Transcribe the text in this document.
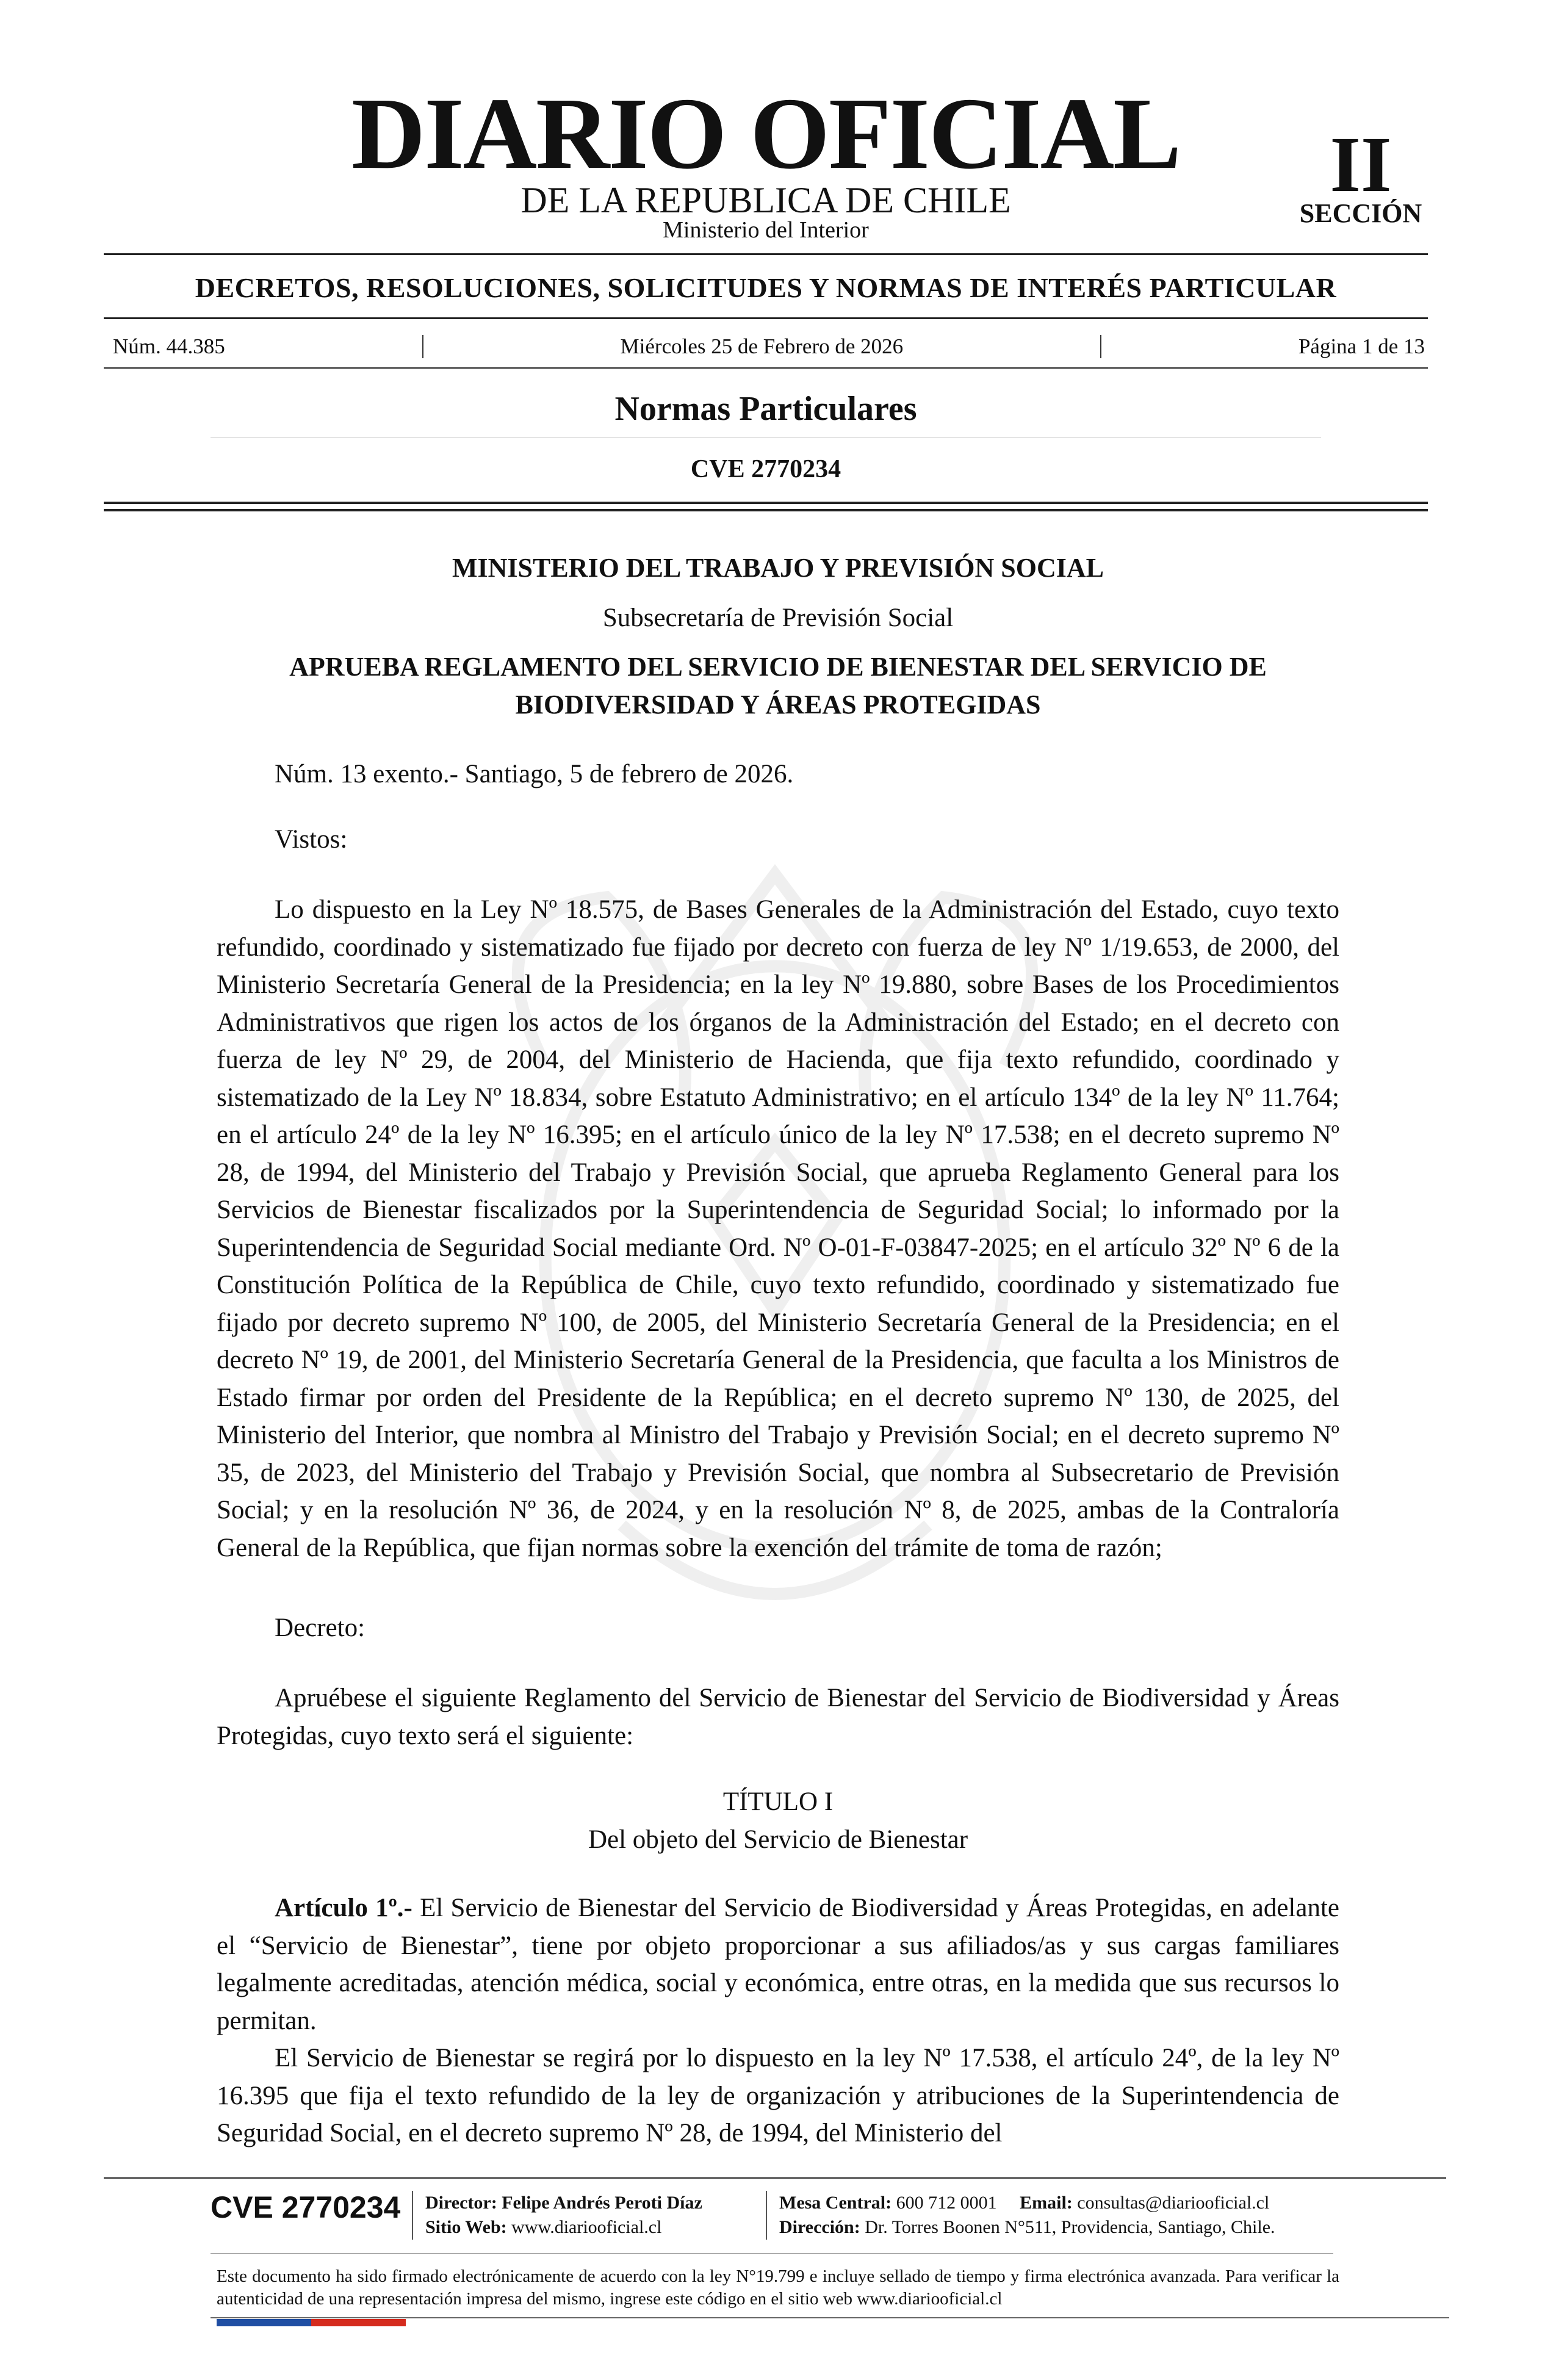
DIARIO OFICIAL
DE LA REPUBLICA DE CHILE
Ministerio del Interior
II
SECCIÓN
DECRETOS, RESOLUCIONES, SOLICITUDES Y NORMAS DE INTERÉS PARTICULAR
Núm. 44.385	Miércoles 25 de Febrero de 2026	Página 1 de 13
Normas Particulares
CVE 2770234
MINISTERIO DEL TRABAJO Y PREVISIÓN SOCIAL
Subsecretaría de Previsión Social
APRUEBA REGLAMENTO DEL SERVICIO DE BIENESTAR DEL SERVICIO DE
BIODIVERSIDAD Y ÁREAS PROTEGIDAS
Núm. 13 exento.- Santiago, 5 de febrero de 2026.
Vistos:
Lo dispuesto en la Ley Nº 18.575, de Bases Generales de la Administración del Estado, cuyo texto refundido, coordinado y sistematizado fue fijado por decreto con fuerza de ley Nº 1/19.653, de 2000, del Ministerio Secretaría General de la Presidencia; en la ley Nº 19.880, sobre Bases de los Procedimientos Administrativos que rigen los actos de los órganos de la Administración del Estado; en el decreto con fuerza de ley Nº 29, de 2004, del Ministerio de Hacienda, que fija texto refundido, coordinado y sistematizado de la Ley Nº 18.834, sobre Estatuto Administrativo; en el artículo 134º de la ley Nº 11.764; en el artículo 24º de la ley Nº 16.395; en el artículo único de la ley Nº 17.538; en el decreto supremo Nº 28, de 1994, del Ministerio del Trabajo y Previsión Social, que aprueba Reglamento General para los Servicios de Bienestar fiscalizados por la Superintendencia de Seguridad Social; lo informado por la Superintendencia de Seguridad Social mediante Ord. Nº O-01-F-03847-2025; en el artículo 32º Nº 6 de la Constitución Política de la República de Chile, cuyo texto refundido, coordinado y sistematizado fue fijado por decreto supremo Nº 100, de 2005, del Ministerio Secretaría General de la Presidencia; en el decreto Nº 19, de 2001, del Ministerio Secretaría General de la Presidencia, que faculta a los Ministros de Estado firmar por orden del Presidente de la República; en el decreto supremo Nº 130, de 2025, del Ministerio del Interior, que nombra al Ministro del Trabajo y Previsión Social; en el decreto supremo Nº 35, de 2023, del Ministerio del Trabajo y Previsión Social, que nombra al Subsecretario de Previsión Social; y en la resolución Nº 36, de 2024, y en la resolución Nº 8, de 2025, ambas de la Contraloría General de la República, que fijan normas sobre la exención del trámite de toma de razón;
Decreto:
Apruébese el siguiente Reglamento del Servicio de Bienestar del Servicio de Biodiversidad y Áreas Protegidas, cuyo texto será el siguiente:
TÍTULO I
Del objeto del Servicio de Bienestar
Artículo 1º.- El Servicio de Bienestar del Servicio de Biodiversidad y Áreas Protegidas, en adelante el “Servicio de Bienestar”, tiene por objeto proporcionar a sus afiliados/as y sus cargas familiares legalmente acreditadas, atención médica, social y económica, entre otras, en la medida que sus recursos lo permitan.
El Servicio de Bienestar se regirá por lo dispuesto en la ley Nº 17.538, el artículo 24º, de la ley Nº 16.395 que fija el texto refundido de la ley de organización y atribuciones de la Superintendencia de Seguridad Social, en el decreto supremo Nº 28, de 1994, del Ministerio del
CVE 2770234 Director: Felipe Andrés Peroti Díaz
Sitio Web: www.diariooficial.cl
Mesa Central: 600 712 0001 Email: consultas@diariooficial.cl
Dirección: Dr. Torres Boonen N°511, Providencia, Santiago, Chile.
Este documento ha sido firmado electrónicamente de acuerdo con la ley N°19.799 e incluye sellado de tiempo y firma electrónica avanzada. Para verificar la autenticidad de una representación impresa del mismo, ingrese este código en el sitio web www.diariooficial.cl
